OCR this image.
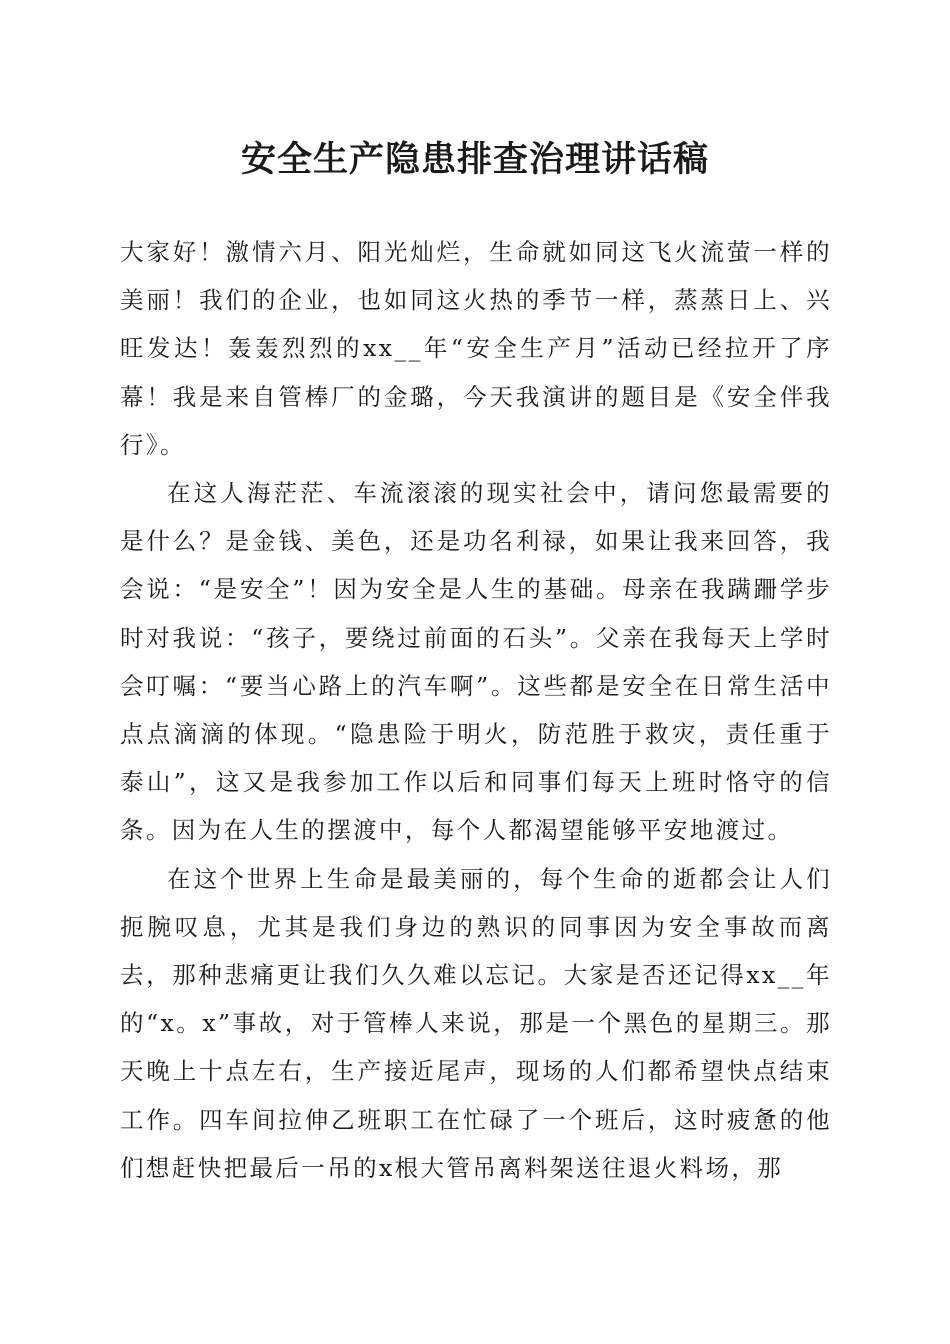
安全生产隐患排查治理讲话稿

大家好！激情六月、阳光灿烂，生命就如同这飞火流萤一样的美丽！我们的企业，也如同这火热的季节一样，蒸蒸日上、兴旺发达！轰轰烈烈的xx__年“安全生产月”活动已经拉开了序幕！我是来自管棒厂的金璐，今天我演讲的题目是《安全伴我行》。

在这人海茫茫、车流滚滚的现实社会中，请问您最需要的是什么？是金钱、美色，还是功名利禄，如果让我来回答，我会说：“是安全”！因为安全是人生的基础。母亲在我蹒跚学步时对我说：“孩子，要绕过前面的石头”。父亲在我每天上学时会叮嘱：“要当心路上的汽车啊”。这些都是安全在日常生活中点点滴滴的体现。“隐患险于明火，防范胜于救灾，责任重于泰山”，这又是我参加工作以后和同事们每天上班时恪守的信条。因为在人生的摆渡中，每个人都渴望能够平安地渡过。

在这个世界上生命是最美丽的，每个生命的逝都会让人们扼腕叹息，尤其是我们身边的熟识的同事因为安全事故而离去，那种悲痛更让我们久久难以忘记。大家是否还记得xx__年的“x。x”事故，对于管棒人来说，那是一个黑色的星期三。那天晚上十点左右，生产接近尾声，现场的人们都希望快点结束工作。四车间拉伸乙班职工在忙碌了一个班后，这时疲惫的他们想赶快把最后一吊的x根大管吊离料架送往退火料场，那
